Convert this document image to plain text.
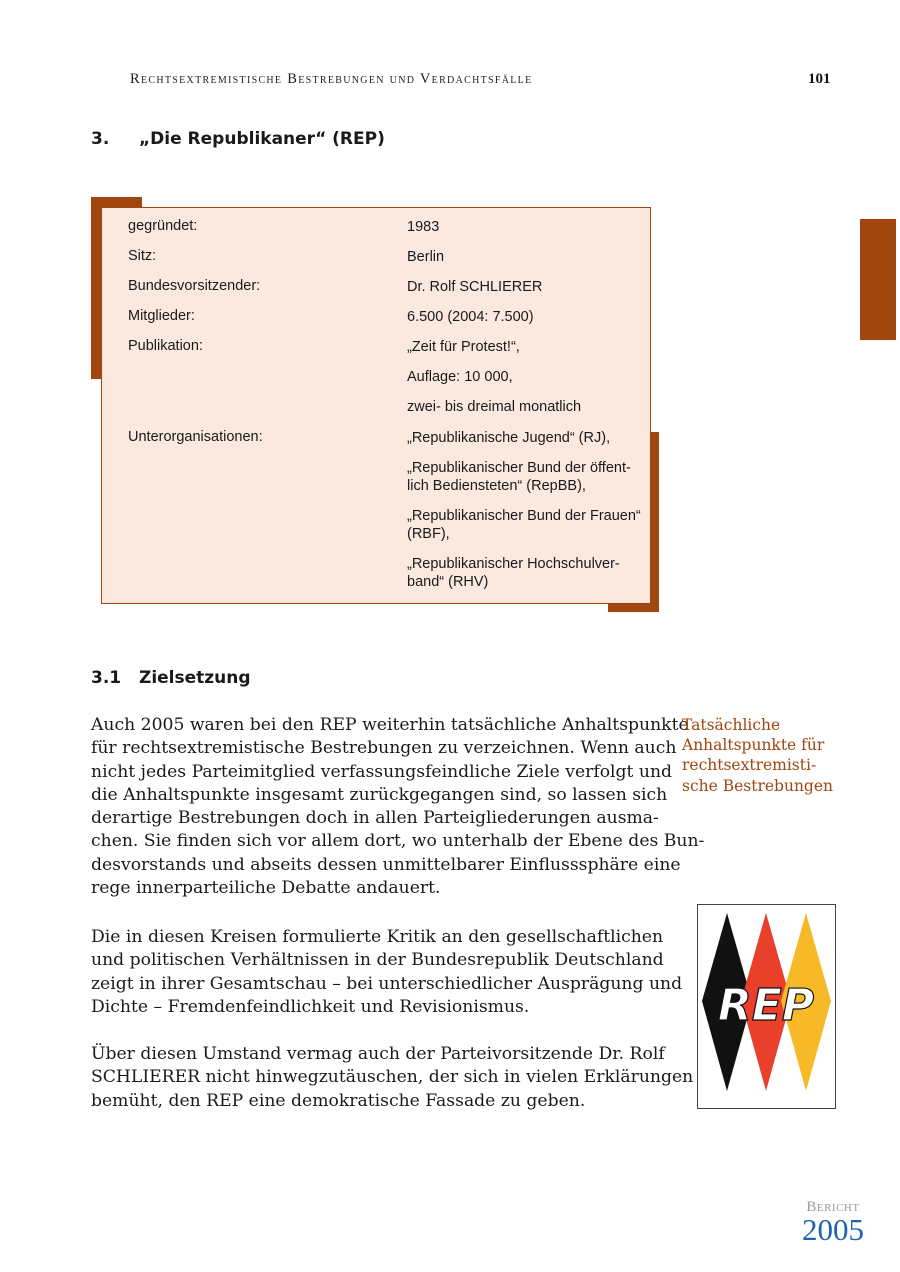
Rechtsextremistische Bestrebungen und Verdachtsfälle	101
3. „Die Republikaner“ (REP)
gegründet:	1983
Sitz:	Berlin
Bundesvorsitzender:	Dr. Rolf SCHLIERER
Mitglieder:	6.500 (2004: 7.500)
Publikation:	„Zeit für Protest!“,
Auflage: 10 000,
zwei- bis dreimal monatlich
Unterorganisationen:	„Republikanische Jugend“ (RJ),
„Republikanischer Bund der öffent-
lich Bediensteten“ (RepBB),
„Republikanischer Bund der Frauen“
(RBF),
„Republikanischer Hochschulver-
band“ (RHV)
3.1 Zielsetzung
Auch 2005 waren bei den REP weiterhin tatsächliche Anhaltspunkte
für rechtsextremistische Bestrebungen zu verzeichnen. Wenn auch
nicht jedes Parteimitglied verfassungsfeindliche Ziele verfolgt und
die Anhaltspunkte insgesamt zurückgegangen sind, so lassen sich
derartige Bestrebungen doch in allen Parteigliederungen ausma-
chen. Sie finden sich vor allem dort, wo unterhalb der Ebene des Bun-
desvorstands und abseits dessen unmittelbarer Einflusssphäre eine
rege innerparteiliche Debatte andauert.
Die in diesen Kreisen formulierte Kritik an den gesellschaftlichen
und politischen Verhältnissen in der Bundesrepublik Deutschland
zeigt in ihrer Gesamtschau – bei unterschiedlicher Ausprägung und
Dichte – Fremdenfeindlichkeit und Revisionismus.
Über diesen Umstand vermag auch der Parteivorsitzende Dr. Rolf
SCHLIERER nicht hinwegzutäuschen, der sich in vielen Erklärungen
bemüht, den REP eine demokratische Fassade zu geben.
Tatsächliche
Anhaltspunkte für
rechtsextremisti-
sche Bestrebungen
REP
Bericht
2005
